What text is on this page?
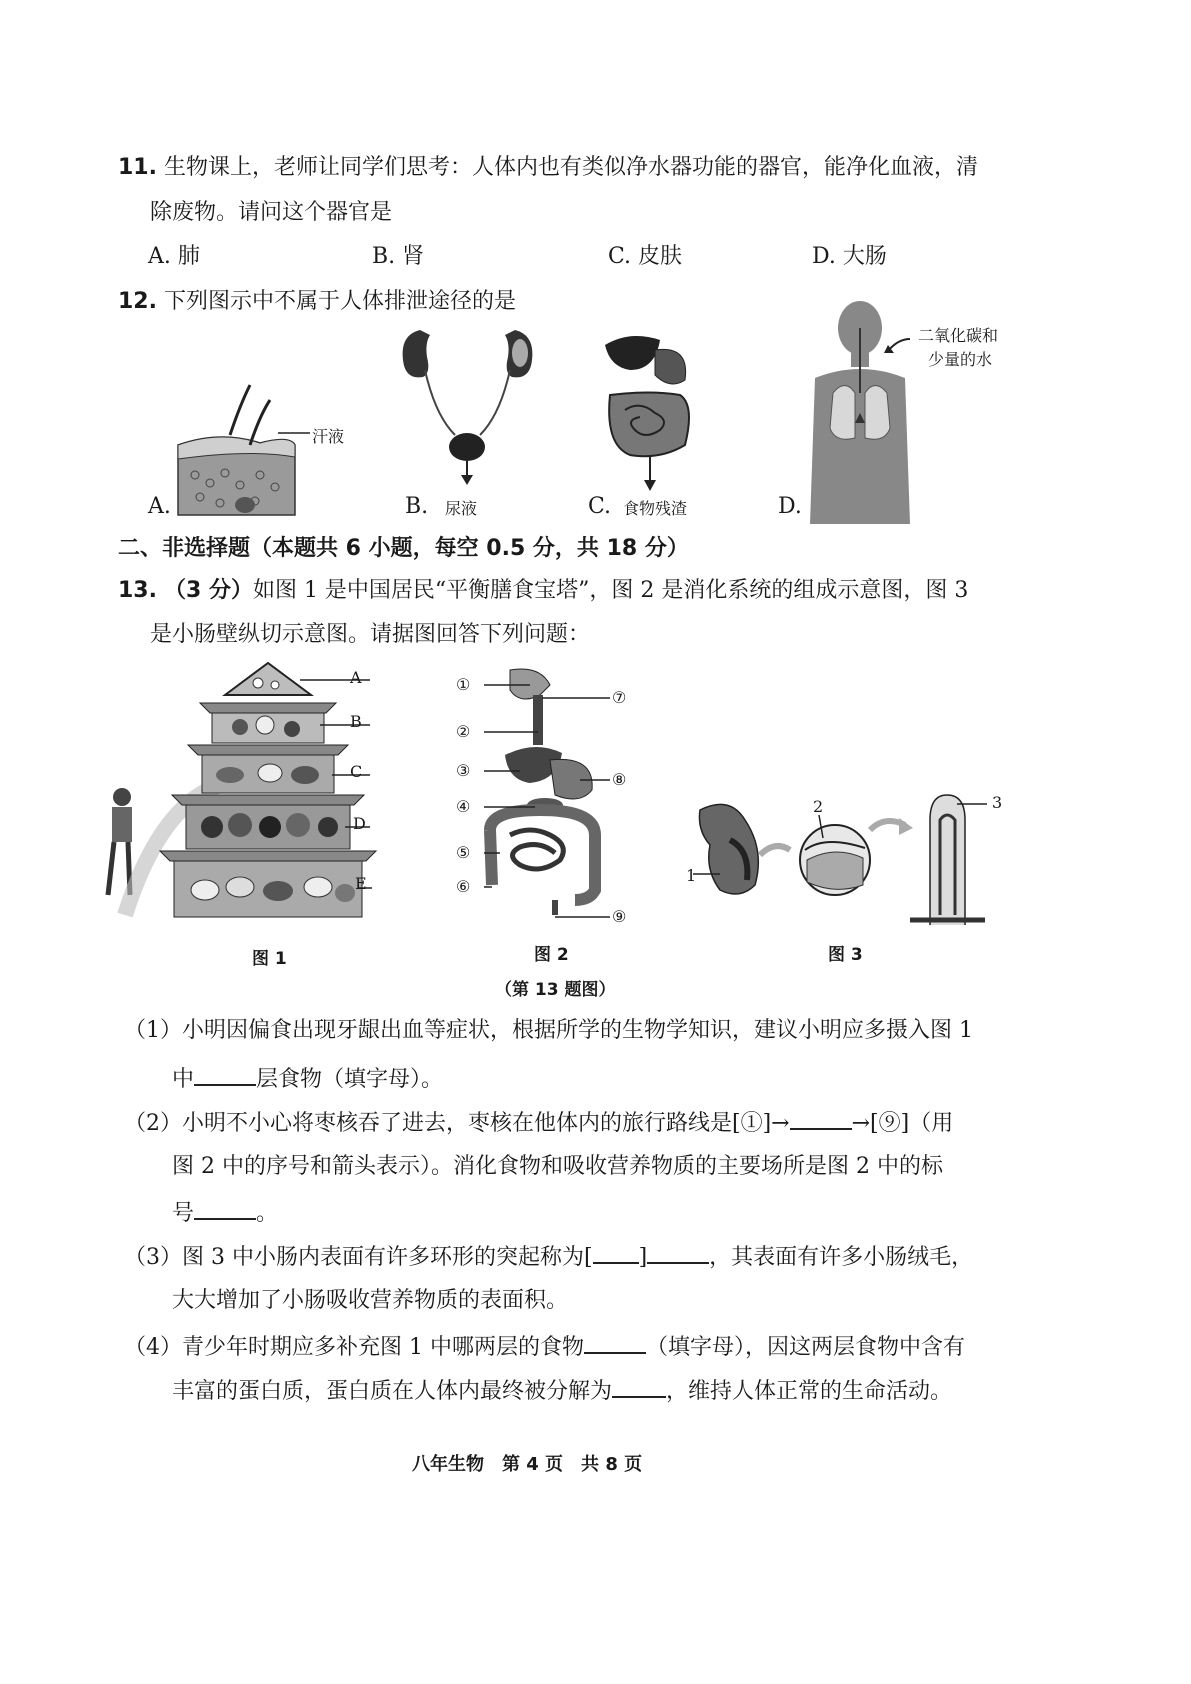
11. 生物课上，老师让同学们思考：人体内也有类似净水器功能的器官，能净化血液，清
除废物。请问这个器官是
A. 肺	B. 肾	C. 皮肤	D. 大肠
12. 下列图示中不属于人体排泄途径的是
汗液
A.	B. 尿液	C. 食物残渣
二氧化碳和
少量的水
D.
二、非选择题（本题共 6 小题，每空 0.5 分，共 18 分）
13. （3 分）如图 1 是中国居民“平衡膳食宝塔”，图 2 是消化系统的组成示意图，图 3
是小肠壁纵切示意图。请据图回答下列问题：
A
B
C
D
E
图 1
①
②
③
④
⑤
⑥
⑦
⑧
⑨
图 2
1
2	3
图 3
（第 13 题图）
（1）小明因偏食出现牙龈出血等症状，根据所学的生物学知识，建议小明应多摄入图 1
中	层食物（填字母）。
（2）小明不小心将枣核吞了进去，枣核在他体内的旅行路线是[①]→	→[⑨]（用
图 2 中的序号和箭头表示）。消化食物和吸收营养物质的主要场所是图 2 中的标
号	。
（3）图 3 中小肠内表面有许多环形的突起称为[ ]	，其表面有许多小肠绒毛，
大大增加了小肠吸收营养物质的表面积。
（4）青少年时期应多补充图 1 中哪两层的食物	（填字母），因这两层食物中含有
丰富的蛋白质，蛋白质在人体内最终被分解为 ，维持人体正常的生命活动。
八年生物　第 4 页　共 8 页
